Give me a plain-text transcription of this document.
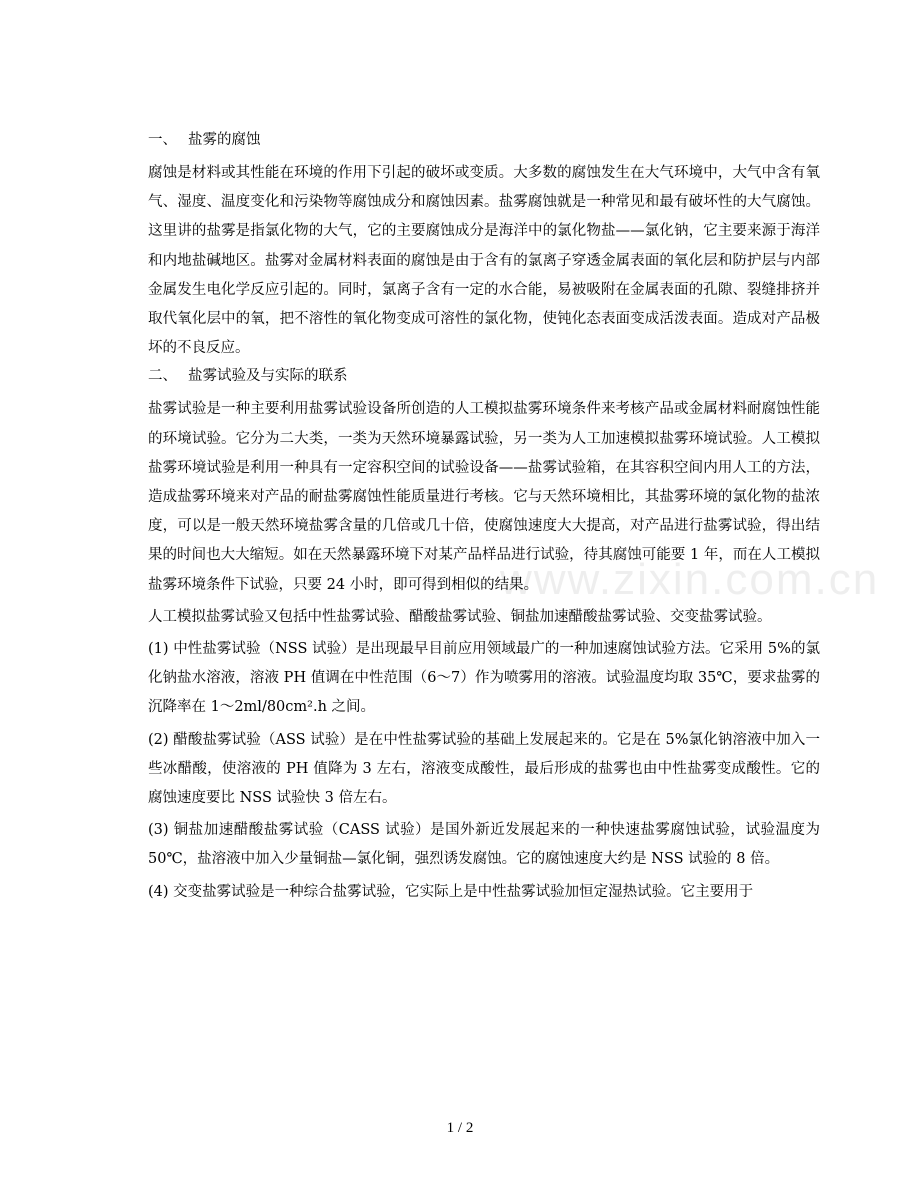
www.zixin.com.cn
一、 盐雾的腐蚀

腐蚀是材料或其性能在环境的作用下引起的破坏或变质。大多数的腐蚀发生在大气环境中，大气中含有氧气、湿度、温度变化和污染物等腐蚀成分和腐蚀因素。盐雾腐蚀就是一种常见和最有破坏性的大气腐蚀。这里讲的盐雾是指氯化物的大气，它的主要腐蚀成分是海洋中的氯化物盐——氯化钠，它主要来源于海洋和内地盐碱地区。盐雾对金属材料表面的腐蚀是由于含有的氯离子穿透金属表面的氧化层和防护层与内部金属发生电化学反应引起的。同时，氯离子含有一定的水合能，易被吸附在金属表面的孔隙、裂缝排挤并取代氧化层中的氧，把不溶性的氧化物变成可溶性的氯化物，使钝化态表面变成活泼表面。造成对产品极坏的不良反应。

二、 盐雾试验及与实际的联系

盐雾试验是一种主要利用盐雾试验设备所创造的人工模拟盐雾环境条件来考核产品或金属材料耐腐蚀性能的环境试验。它分为二大类，一类为天然环境暴露试验，另一类为人工加速模拟盐雾环境试验。人工模拟盐雾环境试验是利用一种具有一定容积空间的试验设备——盐雾试验箱，在其容积空间内用人工的方法，造成盐雾环境来对产品的耐盐雾腐蚀性能质量进行考核。它与天然环境相比，其盐雾环境的氯化物的盐浓度，可以是一般天然环境盐雾含量的几倍或几十倍，使腐蚀速度大大提高，对产品进行盐雾试验，得出结果的时间也大大缩短。如在天然暴露环境下对某产品样品进行试验，待其腐蚀可能要 1 年，而在人工模拟盐雾环境条件下试验，只要 24 小时，即可得到相似的结果。

人工模拟盐雾试验又包括中性盐雾试验、醋酸盐雾试验、铜盐加速醋酸盐雾试验、交变盐雾试验。

(1) 中性盐雾试验（NSS 试验）是出现最早目前应用领域最广的一种加速腐蚀试验方法。它采用 5%的氯化钠盐水溶液，溶液 PH 值调在中性范围（6～7）作为喷雾用的溶液。试验温度均取 35℃，要求盐雾的沉降率在 1～2ml/80cm².h 之间。

(2) 醋酸盐雾试验（ASS 试验）是在中性盐雾试验的基础上发展起来的。它是在 5%氯化钠溶液中加入一些冰醋酸，使溶液的 PH 值降为 3 左右，溶液变成酸性，最后形成的盐雾也由中性盐雾变成酸性。它的腐蚀速度要比 NSS 试验快 3 倍左右。

(3) 铜盐加速醋酸盐雾试验（CASS 试验）是国外新近发展起来的一种快速盐雾腐蚀试验，试验温度为 50℃，盐溶液中加入少量铜盐—氯化铜，强烈诱发腐蚀。它的腐蚀速度大约是 NSS 试验的 8 倍。

(4) 交变盐雾试验是一种综合盐雾试验，它实际上是中性盐雾试验加恒定湿热试验。它主要用于

1 / 2
